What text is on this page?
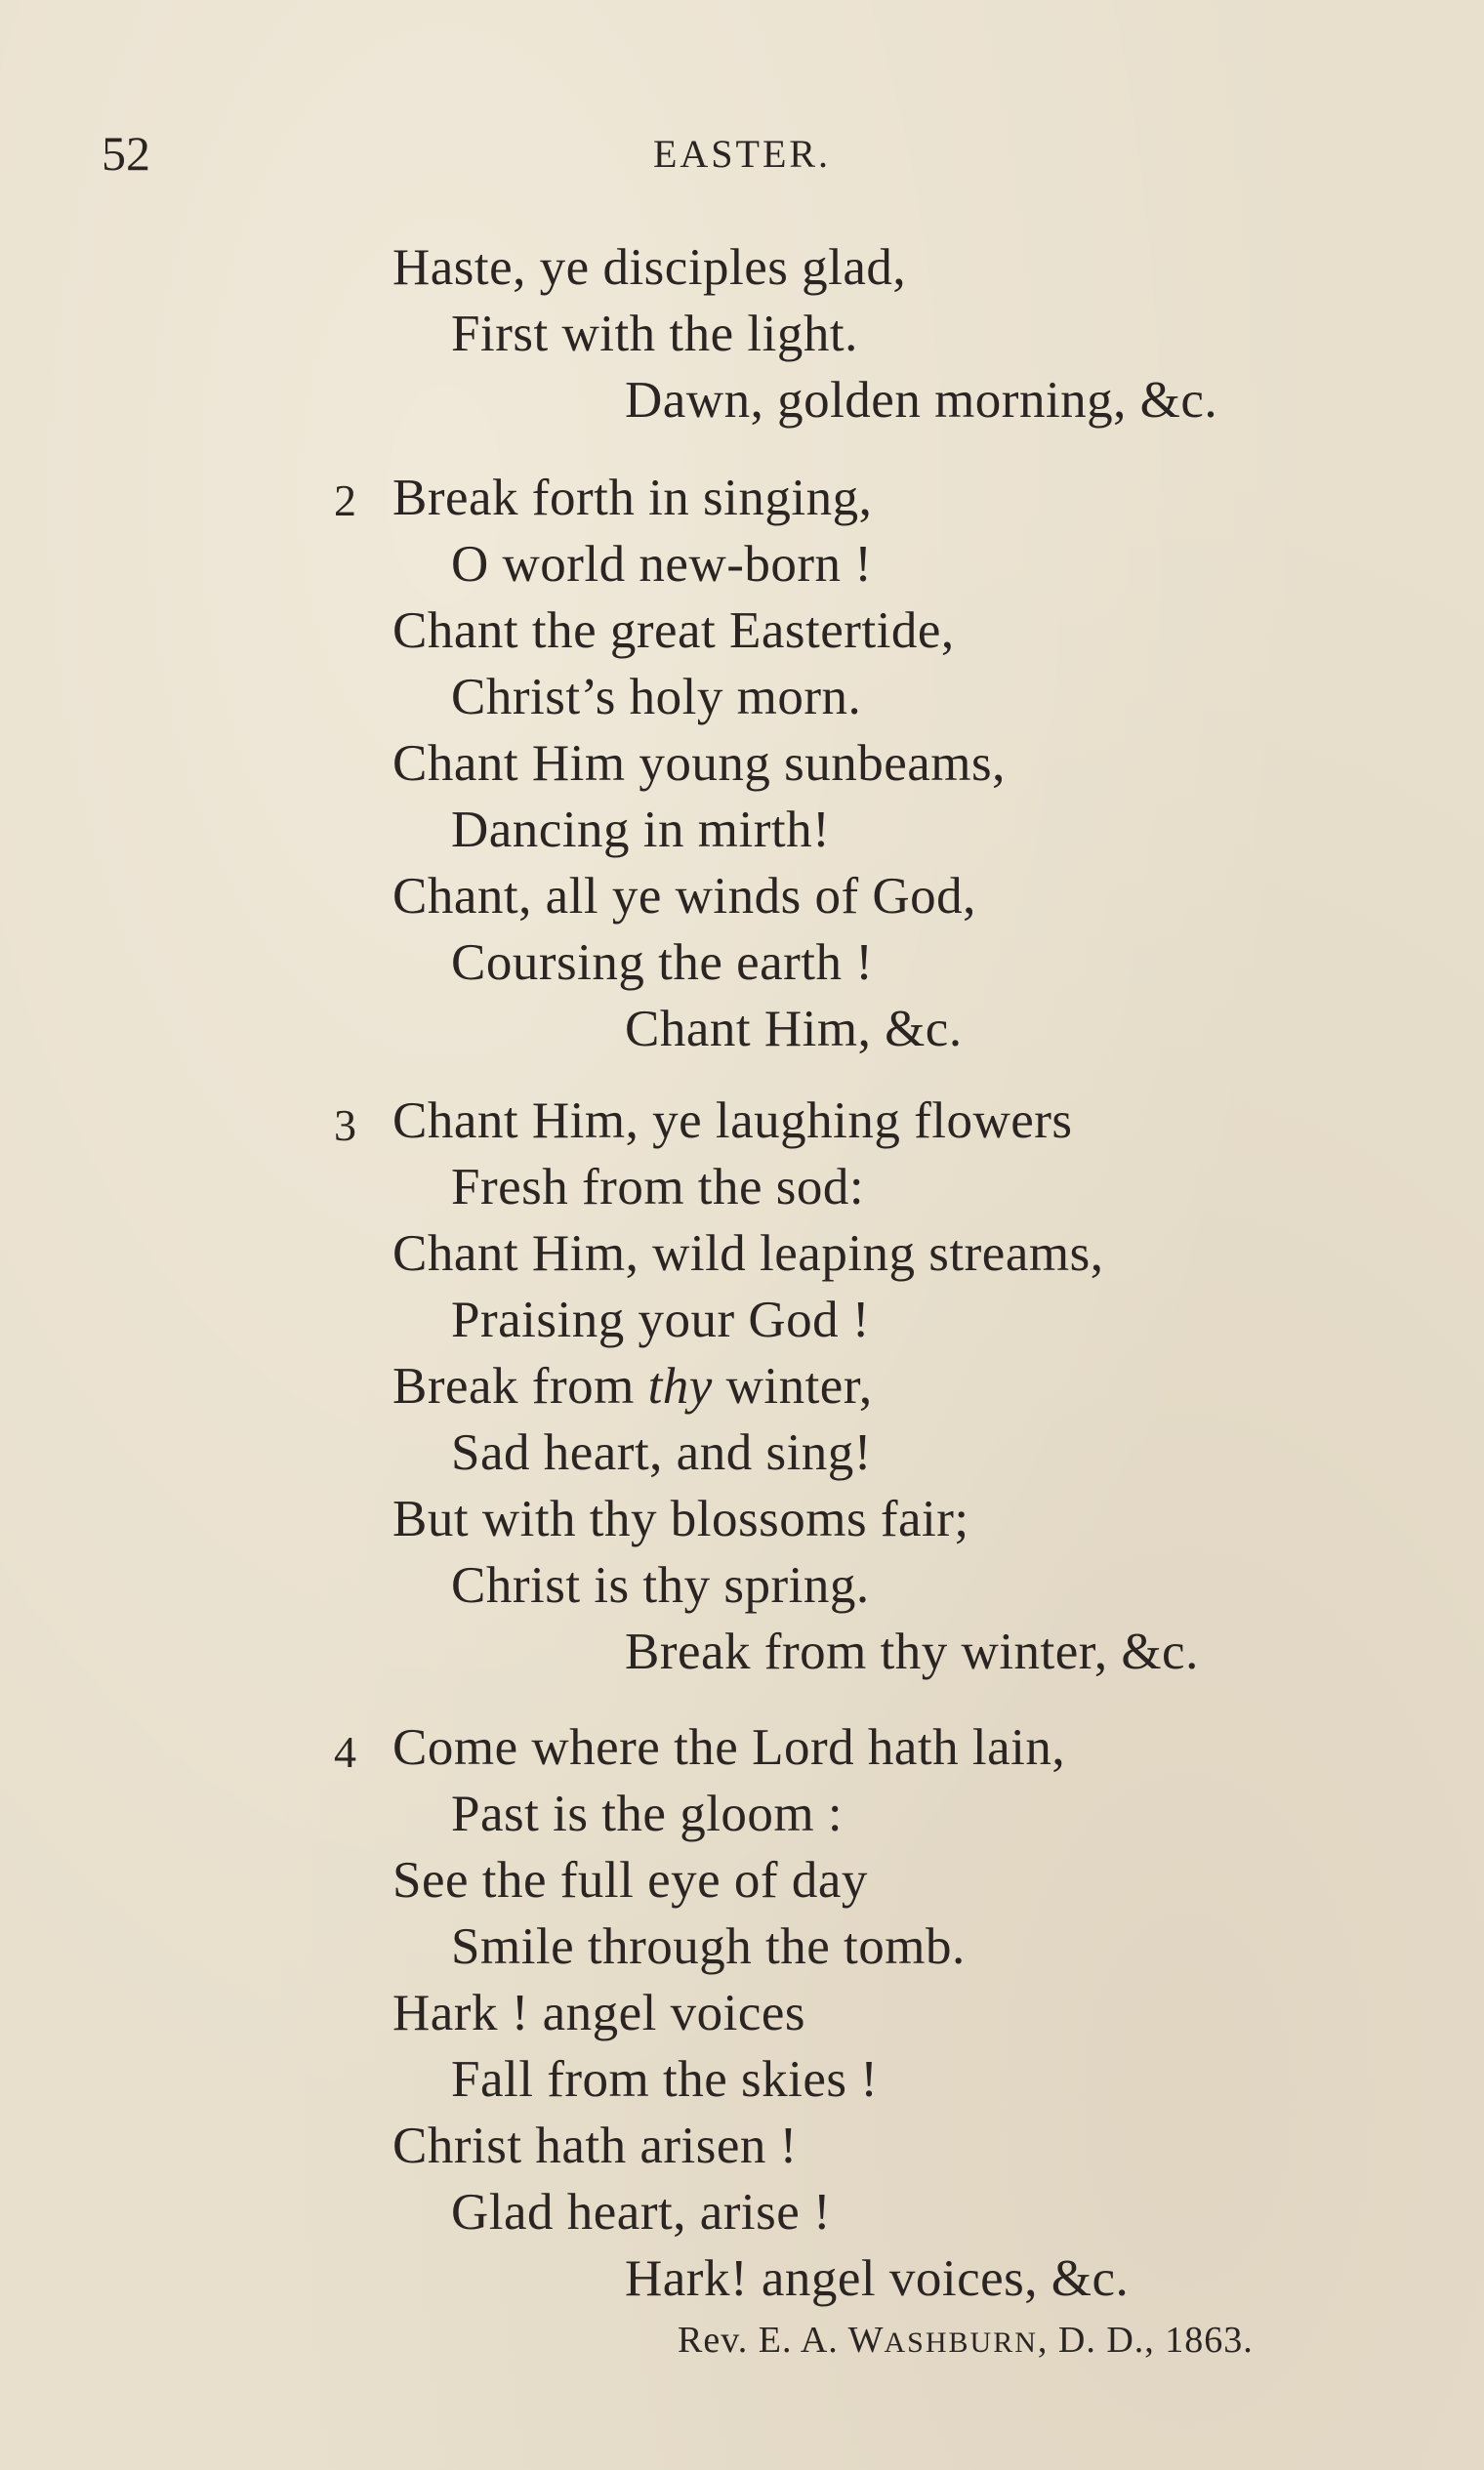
52	EASTER.
Haste, ye disciples glad,
First with the light.
Dawn, golden morning, &c.
2 Break forth in singing,
O world new-born !
Chant the great Eastertide,
Christ’s holy morn.
Chant Him young sunbeams,
Dancing in mirth!
Chant, all ye winds of God,
Coursing the earth !
Chant Him, &c.
3 Chant Him, ye laughing flowers
Fresh from the sod:
Chant Him, wild leaping streams,
Praising your God !
Break from thy winter,
Sad heart, and sing!
But with thy blossoms fair;
Christ is thy spring.
Break from thy winter, &c.
4 Come where the Lord hath lain,
Past is the gloom :
See the full eye of day
Smile through the tomb.
Hark ! angel voices
Fall from the skies !
Christ hath arisen !
Glad heart, arise !
Hark! angel voices, &c.
Rev. E. A. WASHBURN, D. D., 1863.
